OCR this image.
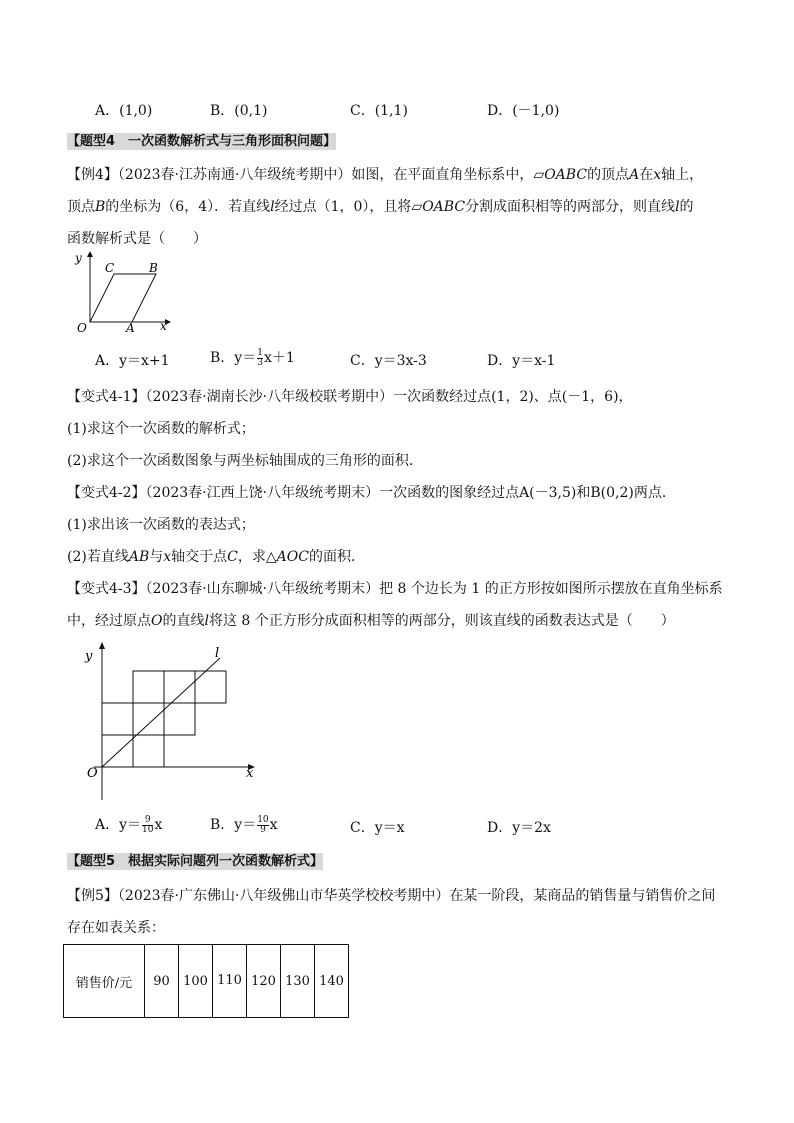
A．(1,0)	B．(0,1)	C．(1,1)	D．(－1,0)
【题型4　一次函数解析式与三角形面积问题】
【例4】（2023春·江苏南通·八年级统考期中）如图，在平面直角坐标系中，▱OABC的顶点A在x轴上，
顶点B的坐标为（6，4）．若直线l经过点（1，0），且将▱OABC分割成面积相等的两部分，则直线l的
函数解析式是（　　）
y
x
O	A
B
C
A．y＝x+1	B．$y= \frac{1}{3} x+1$	C．y＝3x-3	D．y＝x-1
【变式4-1】（2023春·湖南长沙·八年级校联考期中）一次函数经过点(1，2)、点(－1，6)，
(1)求这个一次函数的解析式；
(2)求这个一次函数图象与两坐标轴围成的三角形的面积．
【变式4-2】（2023春·江西上饶·八年级统考期末）一次函数的图象经过点A(－3,5)和B(0,2)两点．
(1)求出该一次函数的表达式；
(2)若直线AB与x轴交于点C，求△AOC的面积．
【变式4-3】（2023春·山东聊城·八年级统考期末）把 8 个边长为 1 的正方形按如图所示摆放在直角坐标系
中，经过原点O的直线l将这 8 个正方形分成面积相等的两部分，则该直线的函数表达式是（　　）
y
x
O
l
A．$y= \frac{9}{10}$ x	B．$y= \frac{10}{9}$ x	C．y＝x	D．y＝2x
【题型5　根据实际问题列一次函数解析式】
【例5】（2023春·广东佛山·八年级佛山市华英学校校考期中）在某一阶段，某商品的销售量与销售价之间
存在如表关系：
销售价/元	90	100	110	120	130	140
